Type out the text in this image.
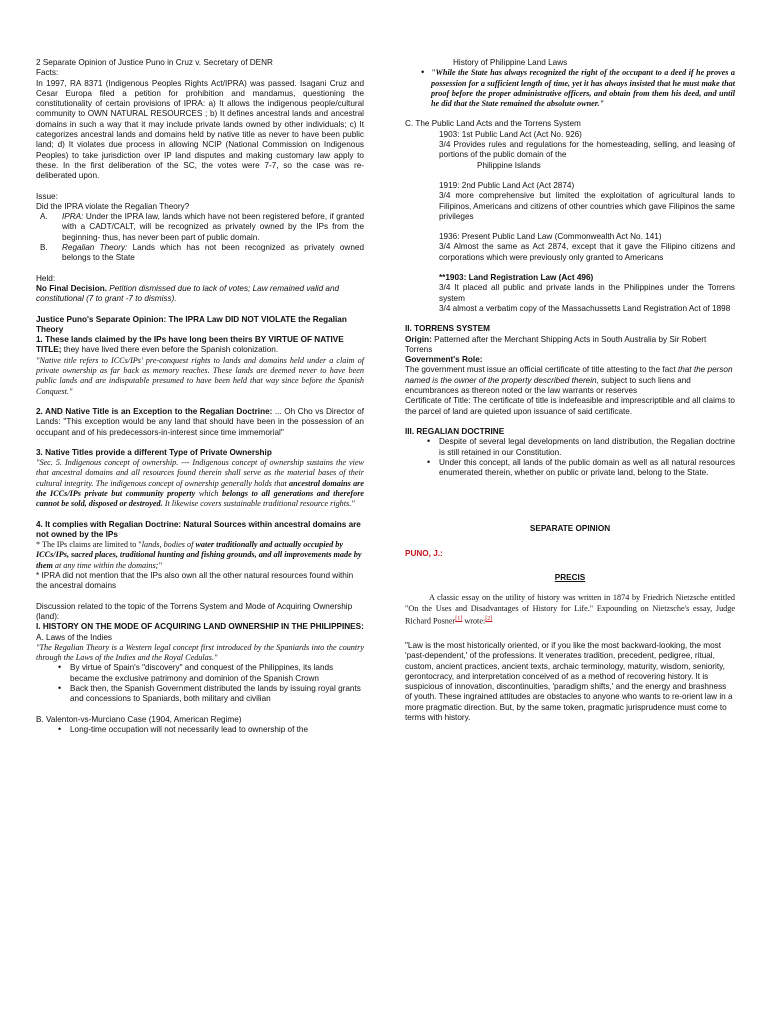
2 Separate Opinion of Justice Puno in Cruz v. Secretary of DENR

Facts:

In 1997, RA 8371 (Indigenous Peoples Rights Act/IPRA) was passed. Isagani Cruz and Cesar Europa filed a petition for prohibition and mandamus, questioning the constitutionality of certain provisions of IPRA: a) It allows the indigenous people/cultural community to OWN NATURAL RESOURCES ; b) It defines ancestral lands and ancestral domains in such a way that it may include private lands owned by other individuals; c) It categorizes ancestral lands and domains held by native title as never to have been public land; d) It violates due process in allowing NCIP (National Commission on Indigenous Peoples) to take jurisdiction over IP land disputes and making customary law apply to these. In the first deliberation of the SC, the votes were 7-7, so the case was re-deliberated upon.

Issue:

Did the IPRA violate the Regalian Theory?

A. IPRA: Under the IPRA law, lands which have not been registered before, if granted with a CADT/CALT, will be recognized as privately owned by the IPs from the beginning- thus, has never been part of public domain.
B. Regalian Theory: Lands which has not been recognized as privately owned belongs to the State

Held:

No Final Decision. Petition dismissed due to lack of votes; Law remained valid and constitutional (7 to grant -7 to dismiss).

Justice Puno's Separate Opinion: The IPRA Law DID NOT VIOLATE the Regalian Theory

1. These lands claimed by the IPs have long been theirs BY VIRTUE OF NATIVE TITLE; they have lived there even before the Spanish colonization.

"Native title refers to ICCs/IPs' pre-conquest rights to lands and domains held under a claim of private ownership as far back as memory reaches. These lands are deemed never to have been public lands and are indisputable presumed to have been held that way since before the Spanish Conquest."

2. AND Native Title is an Exception to the Regalian Doctrine: ... Oh Cho vs Director of Lands: "This exception would be any land that should have been in the possession of an occupant and of his predecessors-in-interest since time immemorial"

3. Native Titles provide a different Type of Private Ownership

"Sec. 5. Indigenous concept of ownership. --- Indigenous concept of ownership sustains the view that ancestral domains and all resources found therein shall serve as the material bases of their cultural integrity. The indigenous concept of ownership generally holds that ancestral domains are the ICCs/IPs private but community property which belongs to all generations and therefore cannot be sold, disposed or destroyed. It likewise covers sustainable traditional resource rights."

4. It complies with Regalian Doctrine: Natural Sources within ancestral domains are not owned by the IPs

* The IPs claims are limited to "lands, bodies of water traditionally and actually occupied by ICCs/IPs, sacred places, traditional hunting and fishing grounds, and all improvements made by them at any time within the domains;"

* IPRA did not mention that the IPs also own all the other natural resources found within the ancestral domains

Discussion related to the topic of the Torrens System and Mode of Acquiring Ownership (land):

I. HISTORY ON THE MODE OF ACQUIRING LAND OWNERSHIP IN THE PHILIPPINES:

A. Laws of the Indies

"The Regalian Theory is a Western legal concept first introduced by the Spaniards into the country through the Laws of the Indies and the Royal Cedulas."

• By virtue of Spain's "discovery" and conquest of the Philippines, its lands became the exclusive patrimony and dominion of the Spanish Crown
• Back then, the Spanish Government distributed the lands by issuing royal grants and concessions to Spaniards, both military and civilian

B. Valenton-vs-Murciano Case (1904, American Regime)

• Long-time occupation will not necessarily lead to ownership of the

History of Philippine Land Laws

• "While the State has always recognized the right of the occupant to a deed if he proves a possession for a sufficient length of time, yet it has always insisted that he must make that proof before the proper administrative officers, and obtain from them his deed, and until he did that the State remained the absolute owner."

C. The Public Land Acts and the Torrens System

1903: 1st Public Land Act (Act No. 926)

3/4 Provides rules and regulations for the homesteading, selling, and leasing of portions of the public domain of the

Philippine Islands

1919: 2nd Public Land Act (Act 2874)

3/4 more comprehensive but limited the exploitation of agricultural lands to Filipinos, Americans and citizens of other countries which gave Filipinos the same privileges

1936: Present Public Land Law (Commonwealth Act No. 141)

3/4 Almost the same as Act 2874, except that it gave the Filipino citizens and corporations which were previously only granted to Americans

**1903: Land Registration Law (Act 496)

3/4 It placed all public and private lands in the Philippines under the Torrens system

3/4 almost a verbatim copy of the Massachussetts Land Registration Act of 1898

II. TORRENS SYSTEM

Origin: Patterned after the Merchant Shipping Acts in South Australia by Sir Robert Torrens

Government's Role:

The government must issue an official certificate of title attesting to the fact that the person named is the owner of the property described therein, subject to such liens and encumbrances as thereon noted or the law warrants or reserves

Certificate of Title: The certificate of title is indefeasible and imprescriptible and all claims to the parcel of land are quieted upon issuance of said certificate.

III. REGALIAN DOCTRINE

• Despite of several legal developments on land distribution, the Regalian doctrine is still retained in our Constitution.
• Under this concept, all lands of the public domain as well as all natural resources enumerated therein, whether on public or private land, belong to the State.

SEPARATE OPINION

PUNO, J.:

PRECIS

A classic essay on the utility of history was written in 1874 by Friedrich Nietzsche entitled "On the Uses and Disadvantages of History for Life." Expounding on Nietzsche's essay, Judge Richard Posner[1] wrote:[2]

"Law is the most historically oriented, or if you like the most backward-looking, the most 'past-dependent,' of the professions. It venerates tradition, precedent, pedigree, ritual, custom, ancient practices, ancient texts, archaic terminology, maturity, wisdom, seniority, gerontocracy, and interpretation conceived of as a method of recovering history. It is suspicious of innovation, discontinuities, 'paradigm shifts,' and the energy and brashness of youth. These ingrained attitudes are obstacles to anyone who wants to re-orient law in a more pragmatic direction. But, by the same token, pragmatic jurisprudence must come to terms with history.
